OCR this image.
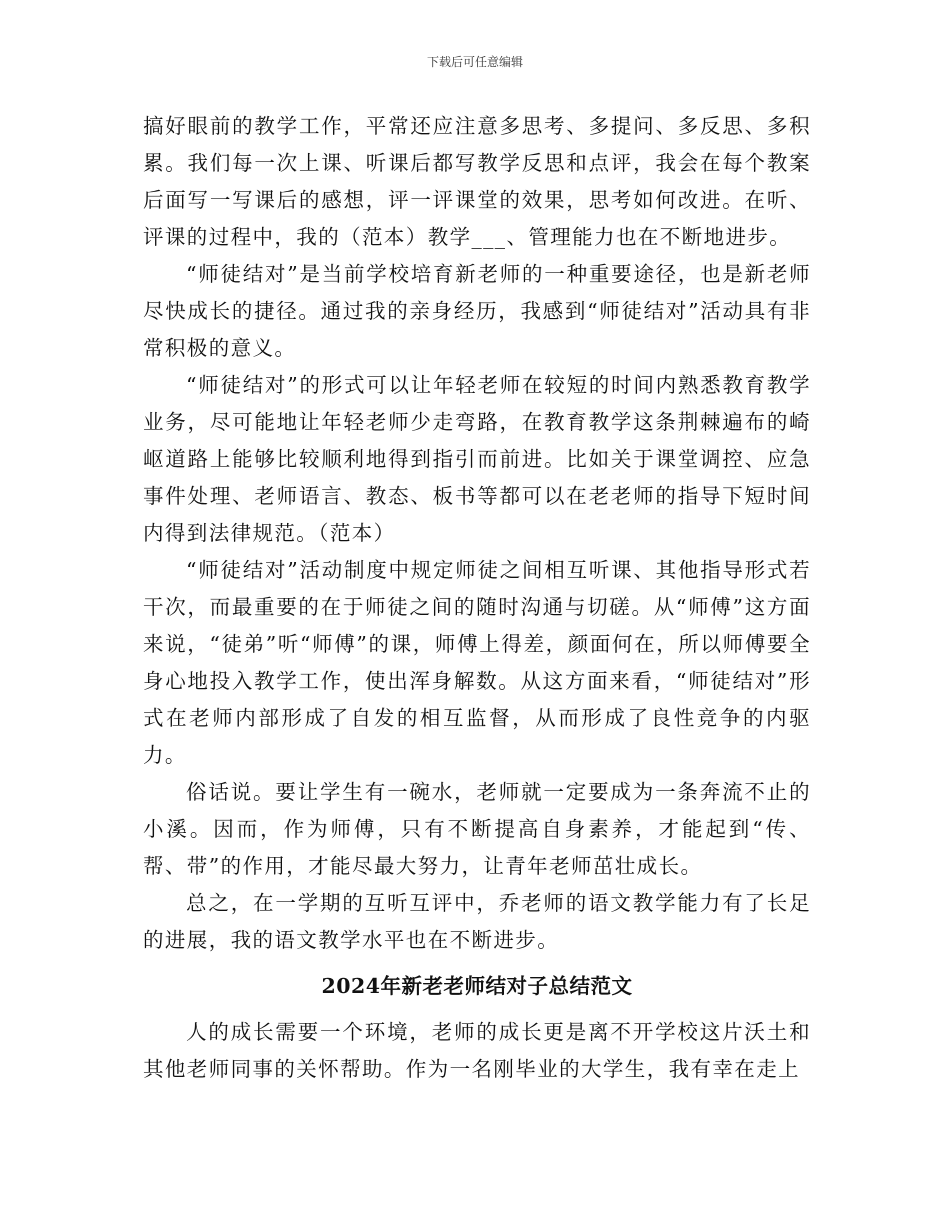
下载后可任意编辑

搞好眼前的教学工作，平常还应注意多思考、多提问、多反思、多积累。我们每一次上课、听课后都写教学反思和点评，我会在每个教案后面写一写课后的感想，评一评课堂的效果，思考如何改进。在听、评课的过程中，我的（范本）教学___、管理能力也在不断地进步。

“师徒结对”是当前学校培育新老师的一种重要途径，也是新老师尽快成长的捷径。通过我的亲身经历，我感到“师徒结对”活动具有非常积极的意义。

“师徒结对”的形式可以让年轻老师在较短的时间内熟悉教育教学业务，尽可能地让年轻老师少走弯路，在教育教学这条荆棘遍布的崎岖道路上能够比较顺利地得到指引而前进。比如关于课堂调控、应急事件处理、老师语言、教态、板书等都可以在老老师的指导下短时间内得到法律规范。（范本）

“师徒结对”活动制度中规定师徒之间相互听课、其他指导形式若干次，而最重要的在于师徒之间的随时沟通与切磋。从“师傅”这方面来说，“徒弟”听“师傅”的课，师傅上得差，颜面何在，所以师傅要全身心地投入教学工作，使出浑身解数。从这方面来看，“师徒结对”形式在老师内部形成了自发的相互监督，从而形成了良性竞争的内驱力。

俗话说。要让学生有一碗水，老师就一定要成为一条奔流不止的小溪。因而，作为师傅，只有不断提高自身素养，才能起到“传、帮、带”的作用，才能尽最大努力，让青年老师茁壮成长。

总之，在一学期的互听互评中，乔老师的语文教学能力有了长足的进展，我的语文教学水平也在不断进步。

2024年新老老师结对子总结范文

人的成长需要一个环境，老师的成长更是离不开学校这片沃土和其他老师同事的关怀帮助。作为一名刚毕业的大学生，我有幸在走上
